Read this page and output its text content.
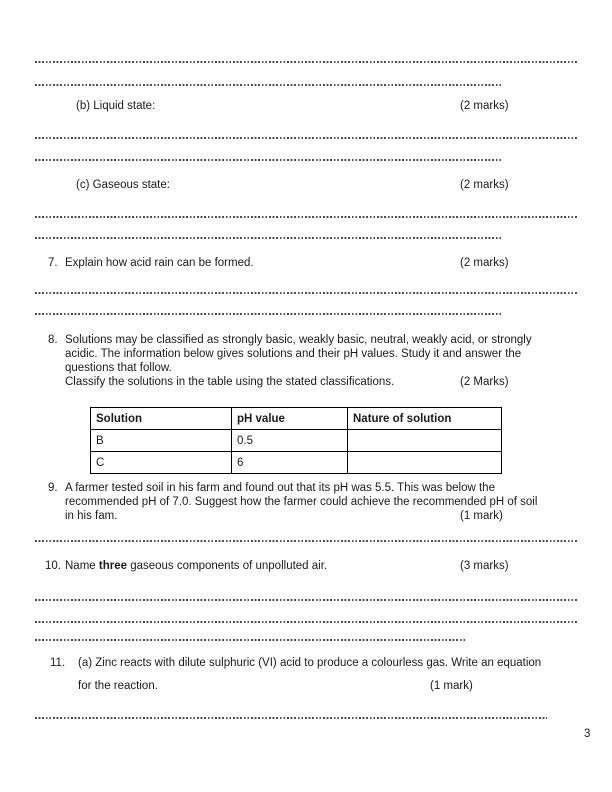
(b) Liquid state:	(2 marks)
(c) Gaseous state:	(2 marks)
7. Explain how acid rain can be formed.	(2 marks)
8. Solutions may be classified as strongly basic, weakly basic, neutral, weakly acid, or strongly
acidic. The information below gives solutions and their pH values. Study it and answer the
questions that follow.
Classify the solutions in the table using the stated classifications.	(2 Marks)
Solution	pH value	Nature of solution
B	0.5	
C	6	
9. A farmer tested soil in his farm and found out that its pH was 5.5. This was below the
recommended pH of 7.0. Suggest how the farmer could achieve the recommended pH of soil
in his fam.	(1 mark)
10. Name three gaseous components of unpolluted air.	(3 marks)
11. (a) Zinc reacts with dilute sulphuric (VI) acid to produce a colourless gas. Write an equation
for the reaction.	(1 mark)
3
